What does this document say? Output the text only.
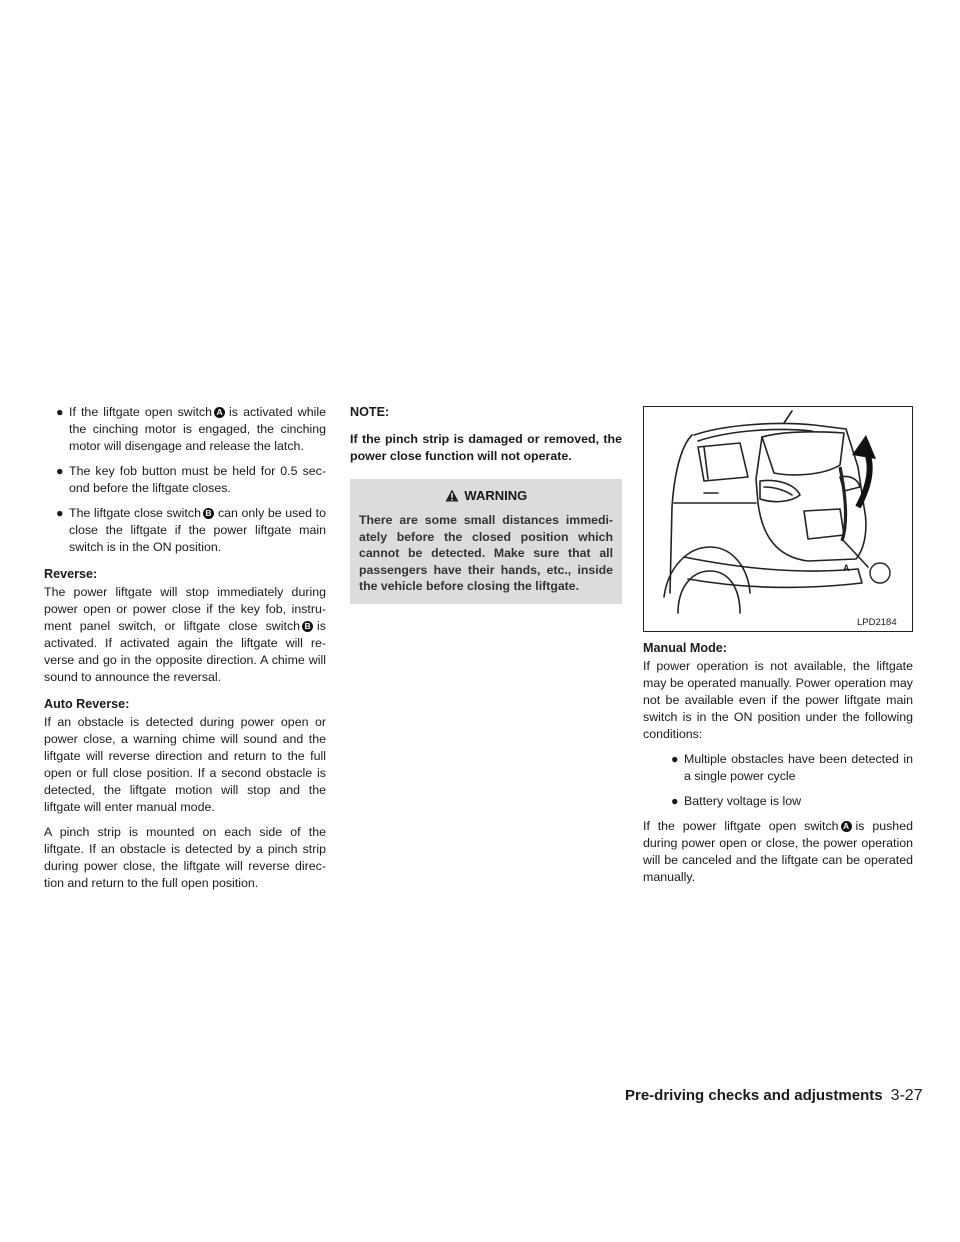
● If the liftgate open switch A is activated while the cinching motor is engaged, the cinching motor will disengage and release the latch.
● The key fob button must be held for 0.5 sec- ond before the liftgate closes.
● The liftgate close switch B can only be used to close the liftgate if the power liftgate main switch is in the ON position.
Reverse:

The power liftgate will stop immediately during power open or power close if the key fob, instru- ment panel switch, or liftgate close switch B is activated. If activated again the liftgate will re- verse and go in the opposite direction. A chime will sound to announce the reversal.

Auto Reverse:

If an obstacle is detected during power open or power close, a warning chime will sound and the liftgate will reverse direction and return to the full open or full close position. If a second obstacle is detected, the liftgate motion will stop and the liftgate will enter manual mode.

A pinch strip is mounted on each side of the liftgate. If an obstacle is detected by a pinch strip during power close, the liftgate will reverse direc- tion and return to the full open position.

NOTE:

If the pinch strip is damaged or removed, the power close function will not operate.

WARNING
There are some small distances immedi- ately before the closed position which cannot be detected. Make sure that all passengers have their hands, etc., inside the vehicle before closing the liftgate.
A
LPD2184
Manual Mode:

If power operation is not available, the liftgate may be operated manually. Power operation may not be available even if the power liftgate main switch is in the ON position under the following conditions:

● Multiple obstacles have been detected in a single power cycle
● Battery voltage is low

If the power liftgate open switch A is pushed during power open or close, the power operation will be canceled and the liftgate can be operated manually.

Pre-driving checks and adjustments 3-27
